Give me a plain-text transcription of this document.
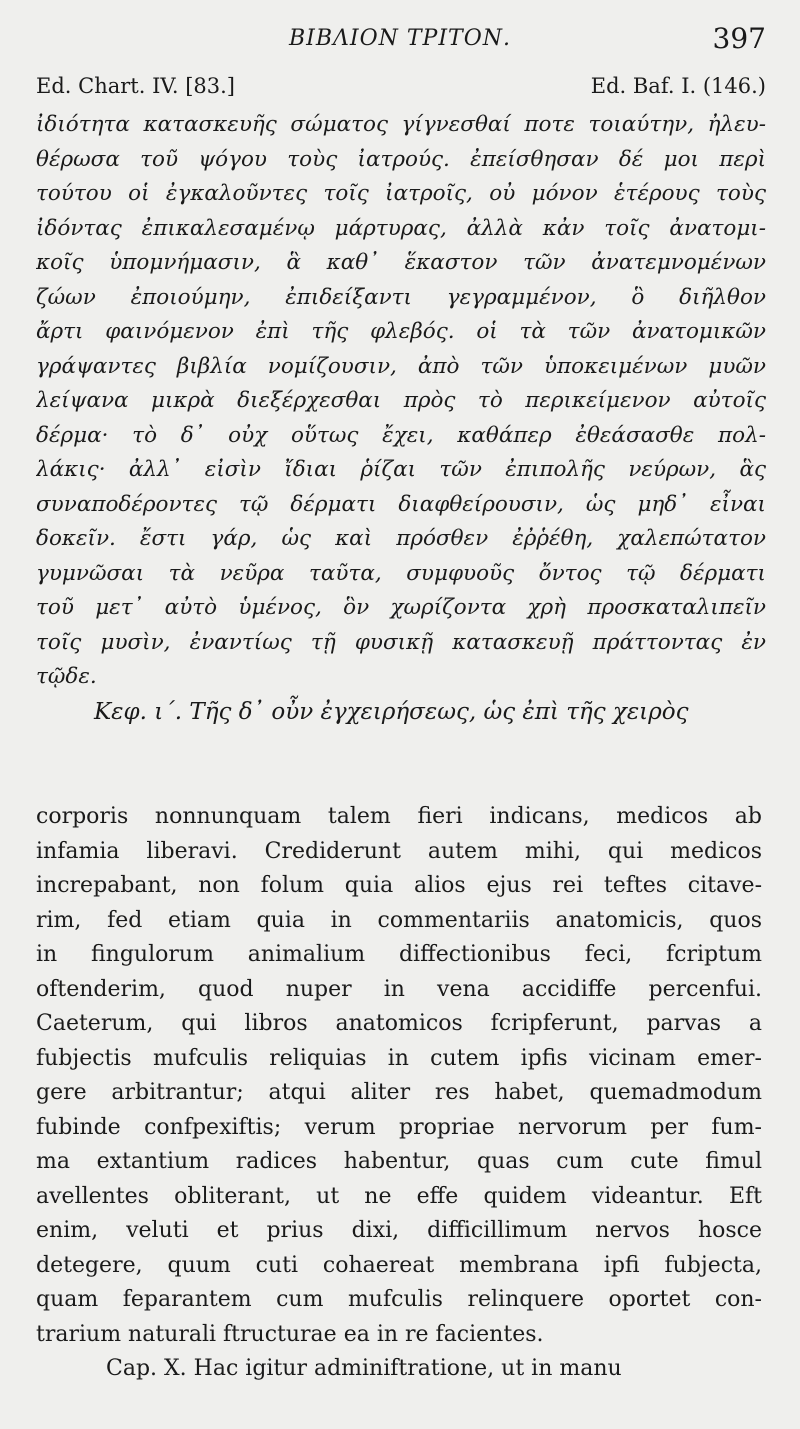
ΒΙΒΛΙΟΝ ΤΡΙΤΟΝ.	397
Ed. Chart. IV. [83.]	Ed. Baf. I. (146.)
ἰδιότητα κατασκευῆς σώματος γίγνεσθαί ποτε τοιαύτην, ἠλευ-
θέρωσα τοῦ ψόγου τοὺς ἰατρούς. ἐπείσθησαν δέ μοι περὶ
τούτου οἱ ἐγκαλοῦντες τοῖς ἰατροῖς, οὐ μόνον ἑτέρους τοὺς
ἰδόντας ἐπικαλεσαμένῳ μάρτυρας, ἀλλὰ κἀν τοῖς ἀνατομι-
κοῖς ὑπομνήμασιν, ἃ καθ᾽ ἕκαστον τῶν ἀνατεμνομένων
ζώων ἐποιούμην, ἐπιδείξαντι γεγραμμένον, ὃ διῆλθον
ἄρτι φαινόμενον ἐπὶ τῆς φλεβός. οἱ τὰ τῶν ἀνατομικῶν
γράψαντες βιβλία νομίζουσιν, ἀπὸ τῶν ὑποκειμένων μυῶν
λείψανα μικρὰ διεξέρχεσθαι πρὸς τὸ περικείμενον αὐτοῖς
δέρμα· τὸ δ᾽ οὐχ οὕτως ἔχει, καθάπερ ἐθεάσασθε πολ-
λάκις· ἀλλ᾽ εἰσὶν ἴδιαι ῥίζαι τῶν ἐπιπολῆς νεύρων, ἃς
συναποδέροντες τῷ δέρματι διαφθείρουσιν, ὡς μηδ᾽ εἶναι
δοκεῖν. ἔστι γάρ, ὡς καὶ πρόσθεν ἐῤῥέθη, χαλεπώτατον
γυμνῶσαι τὰ νεῦρα ταῦτα, συμφυοῦς ὄντος τῷ δέρματι
τοῦ μετ᾽ αὐτὸ ὑμένος, ὃν χωρίζοντα χρὴ προσκαταλιπεῖν
τοῖς μυσὶν, ἐναντίως τῇ φυσικῇ κατασκευῇ πράττοντας ἐν
τῷδε.
Κεφ. ι΄. Τῆς δ᾽ οὖν ἐγχειρήσεως, ὡς ἐπὶ τῆς χειρὸς
corporis nonnunquam talem fieri indicans, medicos ab
infamia liberavi. Crediderunt autem mihi, qui medicos
increpabant, non folum quia alios ejus rei teftes citave-
rim, fed etiam quia in commentariis anatomicis, quos
in fingulorum animalium diffectionibus feci, fcriptum
oftenderim, quod nuper in vena accidiffe percenfui.
Caeterum, qui libros anatomicos fcripferunt, parvas a
fubjectis mufculis reliquias in cutem ipfis vicinam emer-
gere arbitrantur; atqui aliter res habet, quemadmodum
fubinde confpexiftis; verum propriae nervorum per fum-
ma extantium radices habentur, quas cum cute fimul
avellentes obliterant, ut ne effe quidem videantur. Eft
enim, veluti et prius dixi, difficillimum nervos hosce
detegere, quum cuti cohaereat membrana ipfi fubjecta,
quam feparantem cum mufculis relinquere oportet con-
trarium naturali ftructurae ea in re facientes.
Cap. X. Hac igitur adminiftratione, ut in manu
